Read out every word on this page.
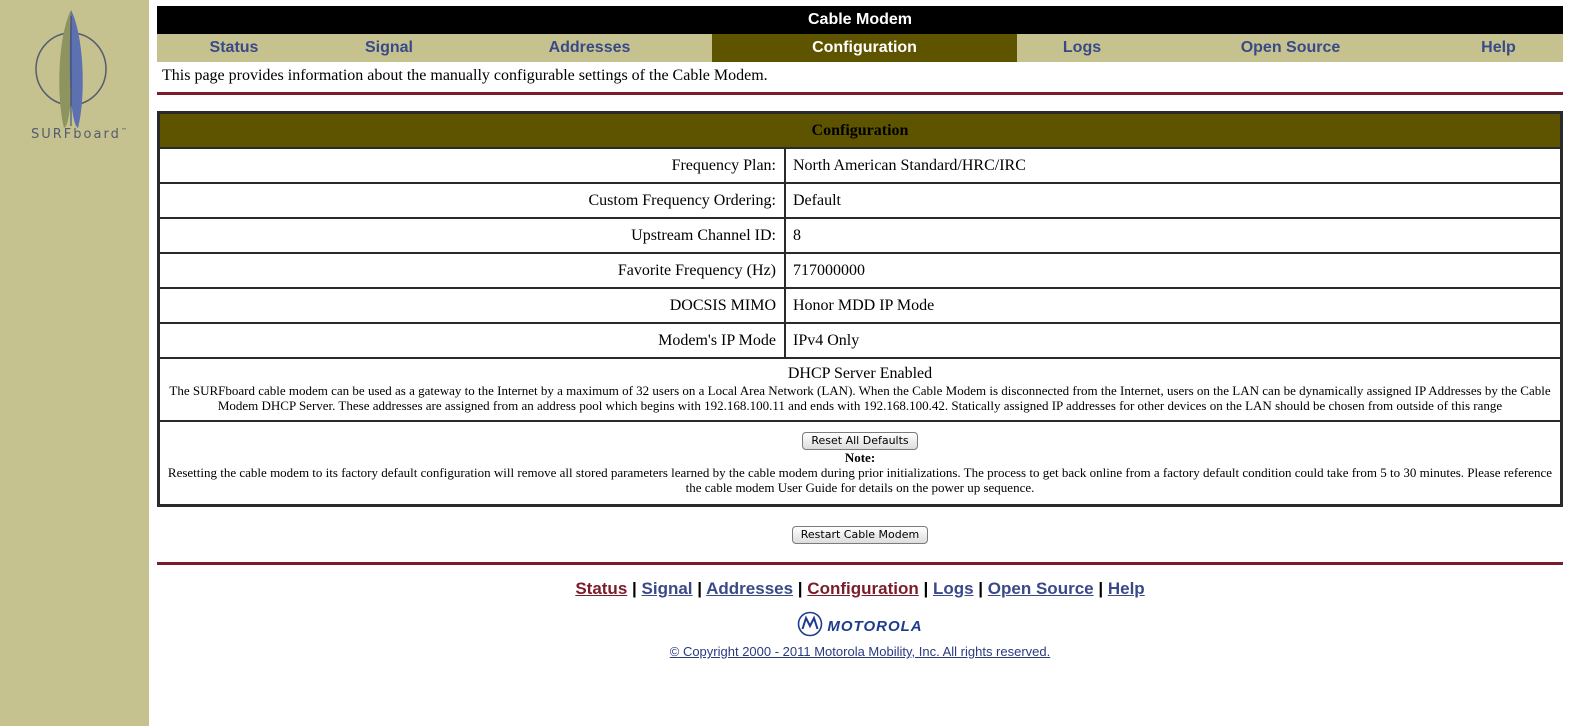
SURFboard™
Cable Modem
Status	Signal	Addresses	Configuration	Logs	Open Source	Help
This page provides information about the manually configurable settings of the Cable Modem.
Configuration	
Frequency Plan:	North American Standard/HRC/IRC
Custom Frequency Ordering:	Default
Upstream Channel ID:	8
Favorite Frequency (Hz)	717000000
DOCSIS MIMO	Honor MDD IP Mode
Modem's IP Mode	IPv4 Only

DHCP Server Enabled
The SURFboard cable modem can be used as a gateway to the Internet by a maximum of 32 users on a Local Area Network (LAN). When the Cable Modem is disconnected from the Internet, users on the LAN can be dynamically assigned IP Addresses by the Cable Modem DHCP Server. These addresses are assigned from an address pool which begins with 192.168.100.11 and ends with 192.168.100.42. Statically assigned IP addresses for other devices on the LAN should be chosen from outside of this range	

Reset All Defaults
Note:
Resetting the cable modem to its factory default configuration will remove all stored parameters learned by the cable modem during prior initializations. The process to get back online from a factory default condition could take from 5 to 30 minutes. Please reference the cable modem User Guide for details on the power up sequence.	
Restart Cable Modem
Status | Signal | Addresses | Configuration | Logs | Open Source | Help
MOTOROLA
© Copyright 2000 - 2011 Motorola Mobility, Inc. All rights reserved.
